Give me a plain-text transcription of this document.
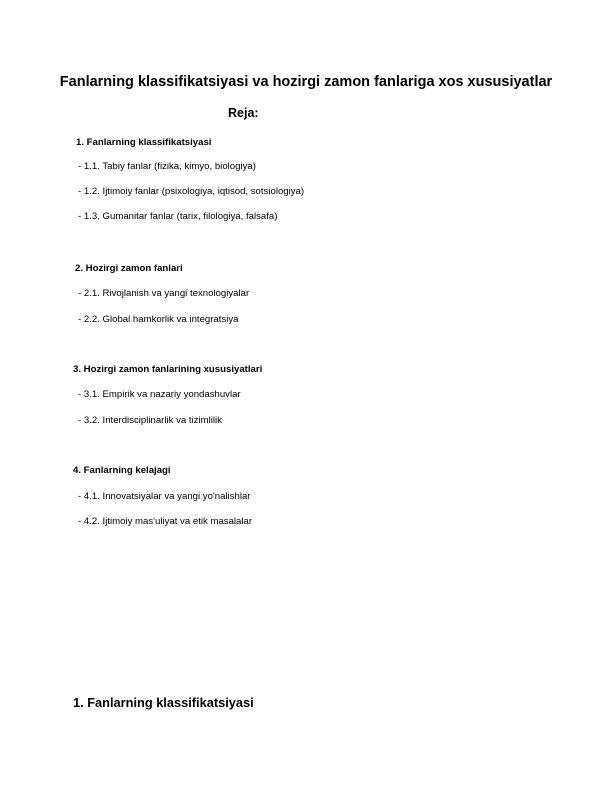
Fanlarning klassifikatsiyasi va hozirgi zamon fanlariga xos xususiyatlar
Reja:
1. Fanlarning klassifikatsiyasi
- 1.1. Tabiy fanlar (fizika, kimyo, biologiya)
- 1.2. Ijtimoiy fanlar (psixologiya, iqtisod, sotsiologiya)
- 1.3. Gumanitar fanlar (tarix, filologiya, falsafa)
2. Hozirgi zamon fanlari
- 2.1. Rivojlanish va yangi texnologiyalar
- 2.2. Global hamkorlik va integratsiya
3. Hozirgi zamon fanlarining xususiyatlari
- 3.1. Empirik va nazariy yondashuvlar
- 3.2. Interdisciplinarlik va tizimlilik
4. Fanlarning kelajagi
- 4.1. Innovatsiyalar va yangi yo'nalishlar
- 4.2. Ijtimoiy mas'uliyat va etik masalalar
1. Fanlarning klassifikatsiyasi
